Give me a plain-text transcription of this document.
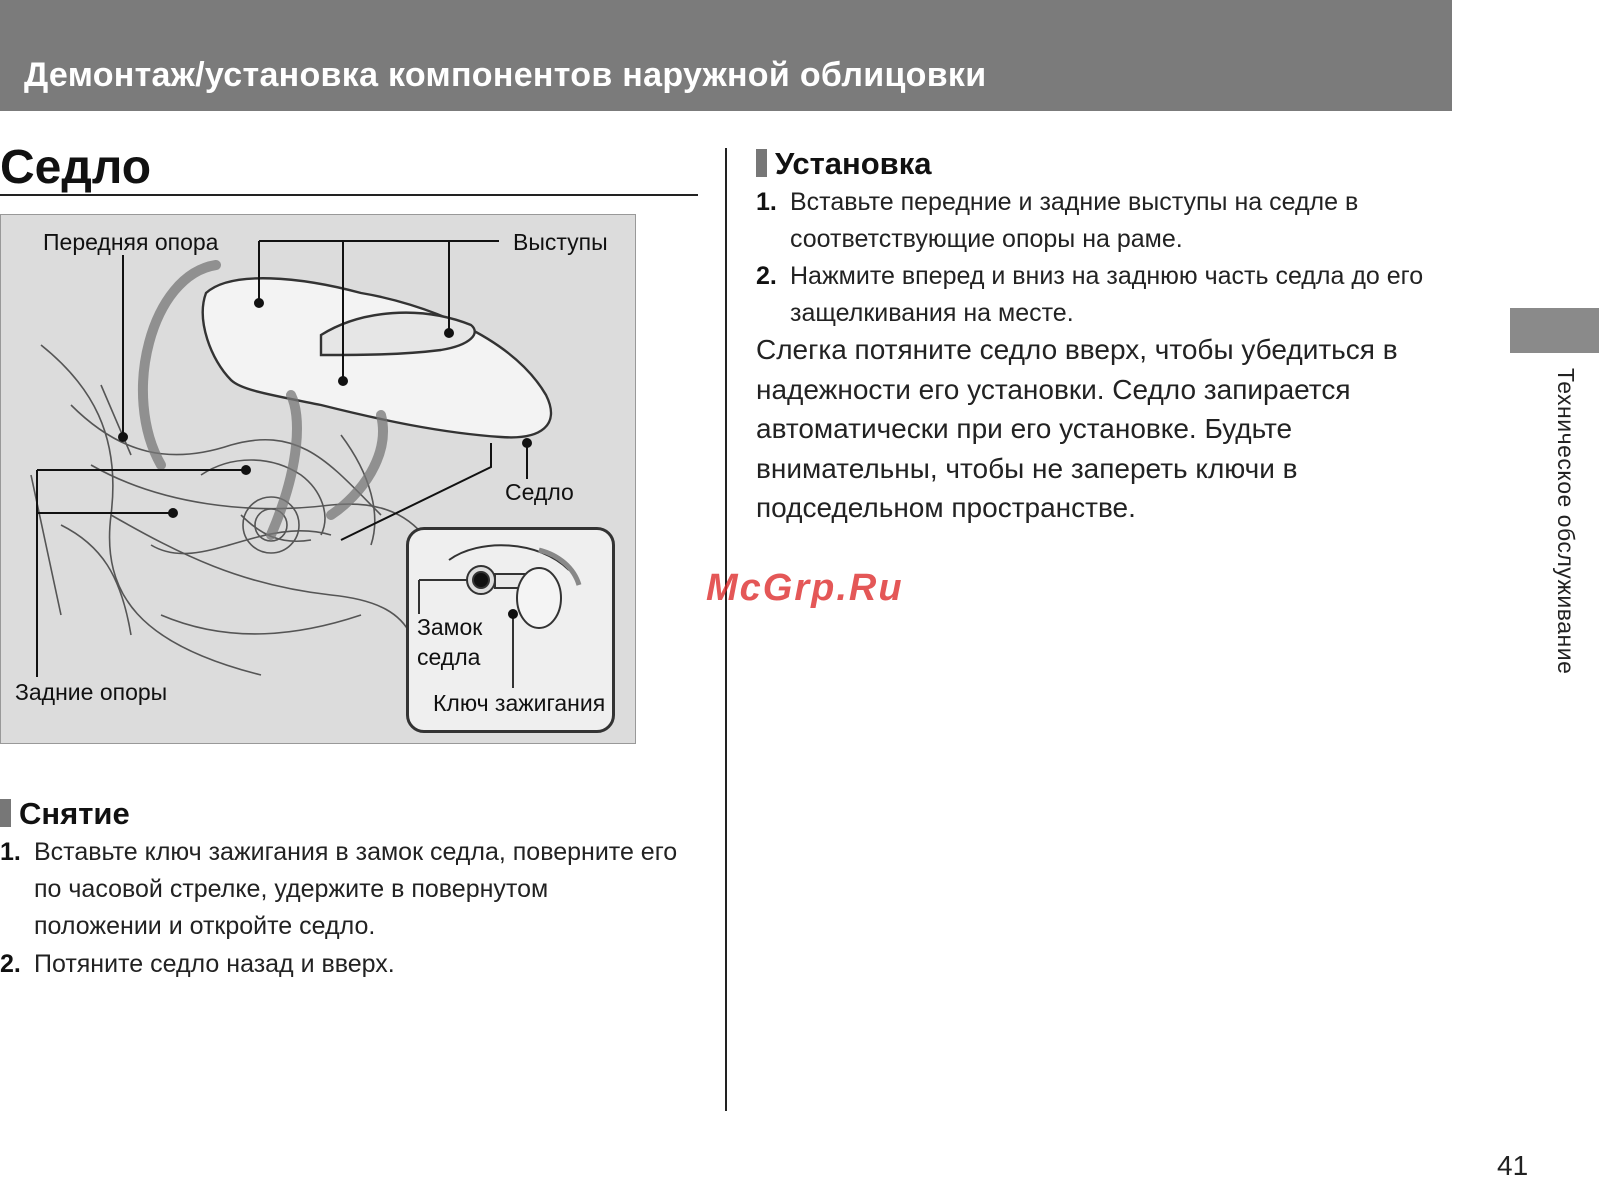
Демонтаж/установка компонентов наружной облицовки
Седло
Передняя опора	Выступы
Седло
Задние опоры
Замок
седла
Ключ зажигания
Снятие
1. Вставьте ключ зажигания в замок седла, поверните его по часовой стрелке, удержите в повернутом положении и откройте седло.
2. Потяните седло назад и вверх.
Установка
1. Вставьте передние и задние выступы на седле в соответствующие опоры на раме.
2. Нажмите вперед и вниз на заднюю часть седла до его защелкивания на месте.

Слегка потяните седло вверх, чтобы убедиться в надежности его установки. Седло запирается автоматически при его установке. Будьте внимательны, чтобы не запереть ключи в подседельном пространстве.	Техническое обслуживание
McGrp.Ru
41
